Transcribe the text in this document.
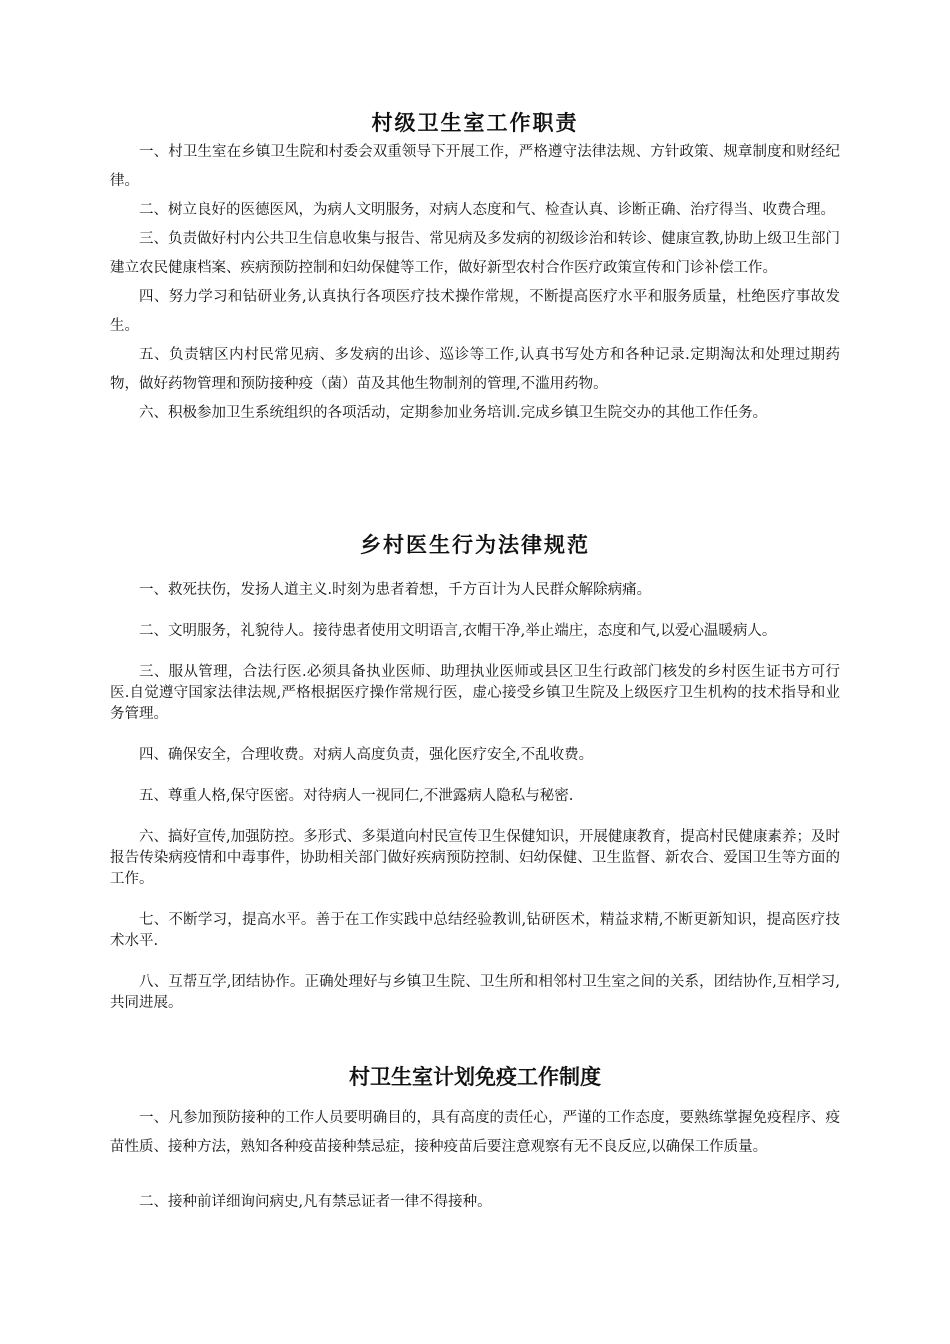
村级卫生室工作职责

一、村卫生室在乡镇卫生院和村委会双重领导下开展工作，严格遵守法律法规、方针政策、规章制度和财经纪律。

二、树立良好的医德医风，为病人文明服务，对病人态度和气、检查认真、诊断正确、治疗得当、收费合理。

三、负责做好村内公共卫生信息收集与报告、常见病及多发病的初级诊治和转诊、健康宣教,协助上级卫生部门建立农民健康档案、疾病预防控制和妇幼保健等工作，做好新型农村合作医疗政策宣传和门诊补偿工作。

四、努力学习和钻研业务,认真执行各项医疗技术操作常规，不断提高医疗水平和服务质量，杜绝医疗事故发生。

五、负责辖区内村民常见病、多发病的出诊、巡诊等工作,认真书写处方和各种记录.定期淘汰和处理过期药物，做好药物管理和预防接种疫（菌）苗及其他生物制剂的管理,不滥用药物。

六、积极参加卫生系统组织的各项活动，定期参加业务培训.完成乡镇卫生院交办的其他工作任务。

乡村医生行为法律规范

一、救死扶伤，发扬人道主义.时刻为患者着想，千方百计为人民群众解除病痛。

二、文明服务，礼貌待人。接待患者使用文明语言,衣帽干净,举止端庄，态度和气,以爱心温暖病人。

三、服从管理，合法行医.必须具备执业医师、助理执业医师或县区卫生行政部门核发的乡村医生证书方可行医.自觉遵守国家法律法规,严格根据医疗操作常规行医，虚心接受乡镇卫生院及上级医疗卫生机构的技术指导和业务管理。

四、确保安全，合理收费。对病人高度负责，强化医疗安全,不乱收费。

五、尊重人格,保守医密。对待病人一视同仁,不泄露病人隐私与秘密.

六、搞好宣传,加强防控。多形式、多渠道向村民宣传卫生保健知识，开展健康教育，提高村民健康素养；及时报告传染病疫情和中毒事件，协助相关部门做好疾病预防控制、妇幼保健、卫生监督、新农合、爱国卫生等方面的工作。

七、不断学习，提高水平。善于在工作实践中总结经验教训,钻研医术，精益求精,不断更新知识，提高医疗技术水平.

八、互帮互学,团结协作。正确处理好与乡镇卫生院、卫生所和相邻村卫生室之间的关系，团结协作,互相学习,共同进展。

村卫生室计划免疫工作制度

一、凡参加预防接种的工作人员要明确目的，具有高度的责任心，严谨的工作态度，要熟练掌握免疫程序、疫苗性质、接种方法，熟知各种疫苗接种禁忌症，接种疫苗后要注意观察有无不良反应,以确保工作质量。

二、接种前详细询问病史,凡有禁忌证者一律不得接种。
